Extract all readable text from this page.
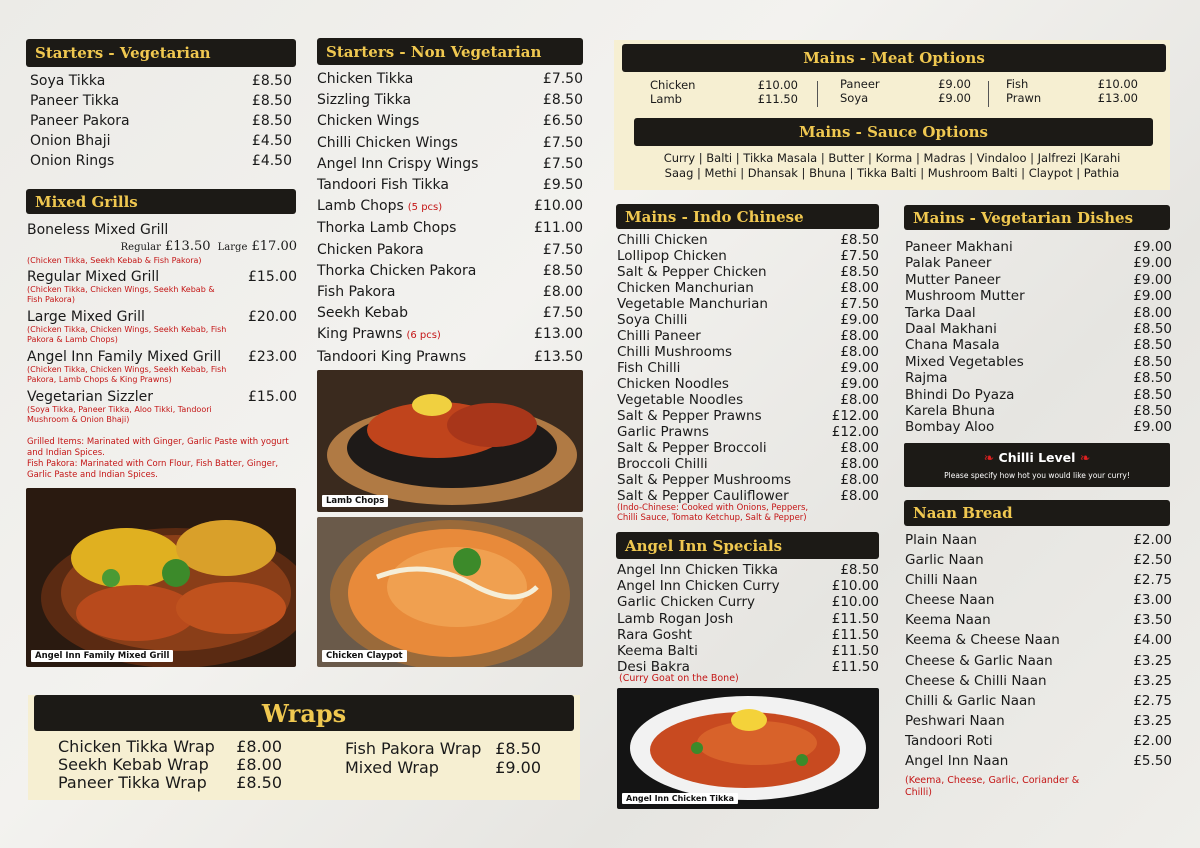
Starters - Vegetarian
Soya Tikka	£8.50
Paneer Tikka	£8.50
Paneer Pakora	£8.50
Onion Bhaji	£4.50
Onion Rings	£4.50
Mixed Grills
Boneless Mixed Grill
Regular £13.50 Large £17.00
(Chicken Tikka, Seekh Kebab & Fish Pakora)
Regular Mixed Grill	£15.00
(Chicken Tikka, Chicken Wings, Seekh Kebab & Fish Pakora)
Large Mixed Grill	£20.00
(Chicken Tikka, Chicken Wings, Seekh Kebab, Fish Pakora & Lamb Chops)
Angel Inn Family Mixed Grill £23.00
(Chicken Tikka, Chicken Wings, Seekh Kebab, Fish Pakora, Lamb Chops & King Prawns)
Vegetarian Sizzler	£15.00
(Soya Tikka, Paneer Tikka, Aloo Tikki, Tandoori Mushroom & Onion Bhaji)
Grilled Items: Marinated with Ginger, Garlic Paste with yogurt and Indian Spices.
Fish Pakora: Marinated with Corn Flour, Fish Batter, Ginger, Garlic Paste and Indian Spices.
Angel Inn Family Mixed Grill
Starters - Non Vegetarian
Chicken Tikka	£7.50
Sizzling Tikka	£8.50
Chicken Wings	£6.50
Chilli Chicken Wings	£7.50
Angel Inn Crispy Wings	£7.50
Tandoori Fish Tikka	£9.50
Lamb Chops (5 pcs)	£10.00
Thorka Lamb Chops	£11.00
Chicken Pakora	£7.50
Thorka Chicken Pakora	£8.50
Fish Pakora	£8.00
Seekh Kebab	£7.50
King Prawns (6 pcs)	£13.00
Tandoori King Prawns	£13.50
Lamb Chops
Chicken Claypot
Wraps
Chicken Tikka Wrap £8.00
Seekh Kebab Wrap £8.00
Paneer Tikka Wrap £8.50
Fish Pakora Wrap £8.50
Mixed Wrap	£9.00
Mains - Meat Options
Chicken	£10.00
Lamb	£11.50
Paneer	£9.00
Soya	£9.00
Fish	£10.00
Prawn	£13.00
Mains - Sauce Options
Curry | Balti | Tikka Masala | Butter | Korma | Madras | Vindaloo | Jalfrezi |Karahi
Saag | Methi | Dhansak | Bhuna | Tikka Balti | Mushroom Balti | Claypot | Pathia
Mains - Indo Chinese
Chilli Chicken	£8.50
Lollipop Chicken	£7.50
Salt & Pepper Chicken	£8.50
Chicken Manchurian	£8.00
Vegetable Manchurian	£7.50
Soya Chilli	£9.00
Chilli Paneer	£8.00
Chilli Mushrooms	£8.00
Fish Chilli	£9.00
Chicken Noodles	£9.00
Vegetable Noodles	£8.00
Salt & Pepper Prawns	£12.00
Garlic Prawns	£12.00
Salt & Pepper Broccoli	£8.00
Broccoli Chilli	£8.00
Salt & Pepper Mushrooms	£8.00
Salt & Pepper Cauliflower	£8.00
(Indo-Chinese: Cooked with Onions, Peppers, Chilli Sauce, Tomato Ketchup, Salt & Pepper)
Angel Inn Specials
Angel Inn Chicken Tikka	£8.50
Angel Inn Chicken Curry	£10.00
Garlic Chicken Curry	£10.00
Lamb Rogan Josh	£11.50
Rara Gosht	£11.50
Keema Balti	£11.50
Desi Bakra	£11.50
(Curry Goat on the Bone)
Angel Inn Chicken Tikka
Mains - Vegetarian Dishes
Paneer Makhani	£9.00
Palak Paneer	£9.00
Mutter Paneer	£9.00
Mushroom Mutter	£9.00
Tarka Daal	£8.00
Daal Makhani	£8.50
Chana Masala	£8.50
Mixed Vegetables	£8.50
Rajma	£8.50
Bhindi Do Pyaza	£8.50
Karela Bhuna	£8.50
Bombay Aloo	£9.00
❧ Chilli Level ❧
Please specify how hot you would like your curry!
Naan Bread
Plain Naan	£2.00
Garlic Naan	£2.50
Chilli Naan	£2.75
Cheese Naan	£3.00
Keema Naan	£3.50
Keema & Cheese Naan	£4.00
Cheese & Garlic Naan	£3.25
Cheese & Chilli Naan	£3.25
Chilli & Garlic Naan	£2.75
Peshwari Naan	£3.25
Tandoori Roti	£2.00
Angel Inn Naan	£5.50
(Keema, Cheese, Garlic, Coriander & Chilli)
